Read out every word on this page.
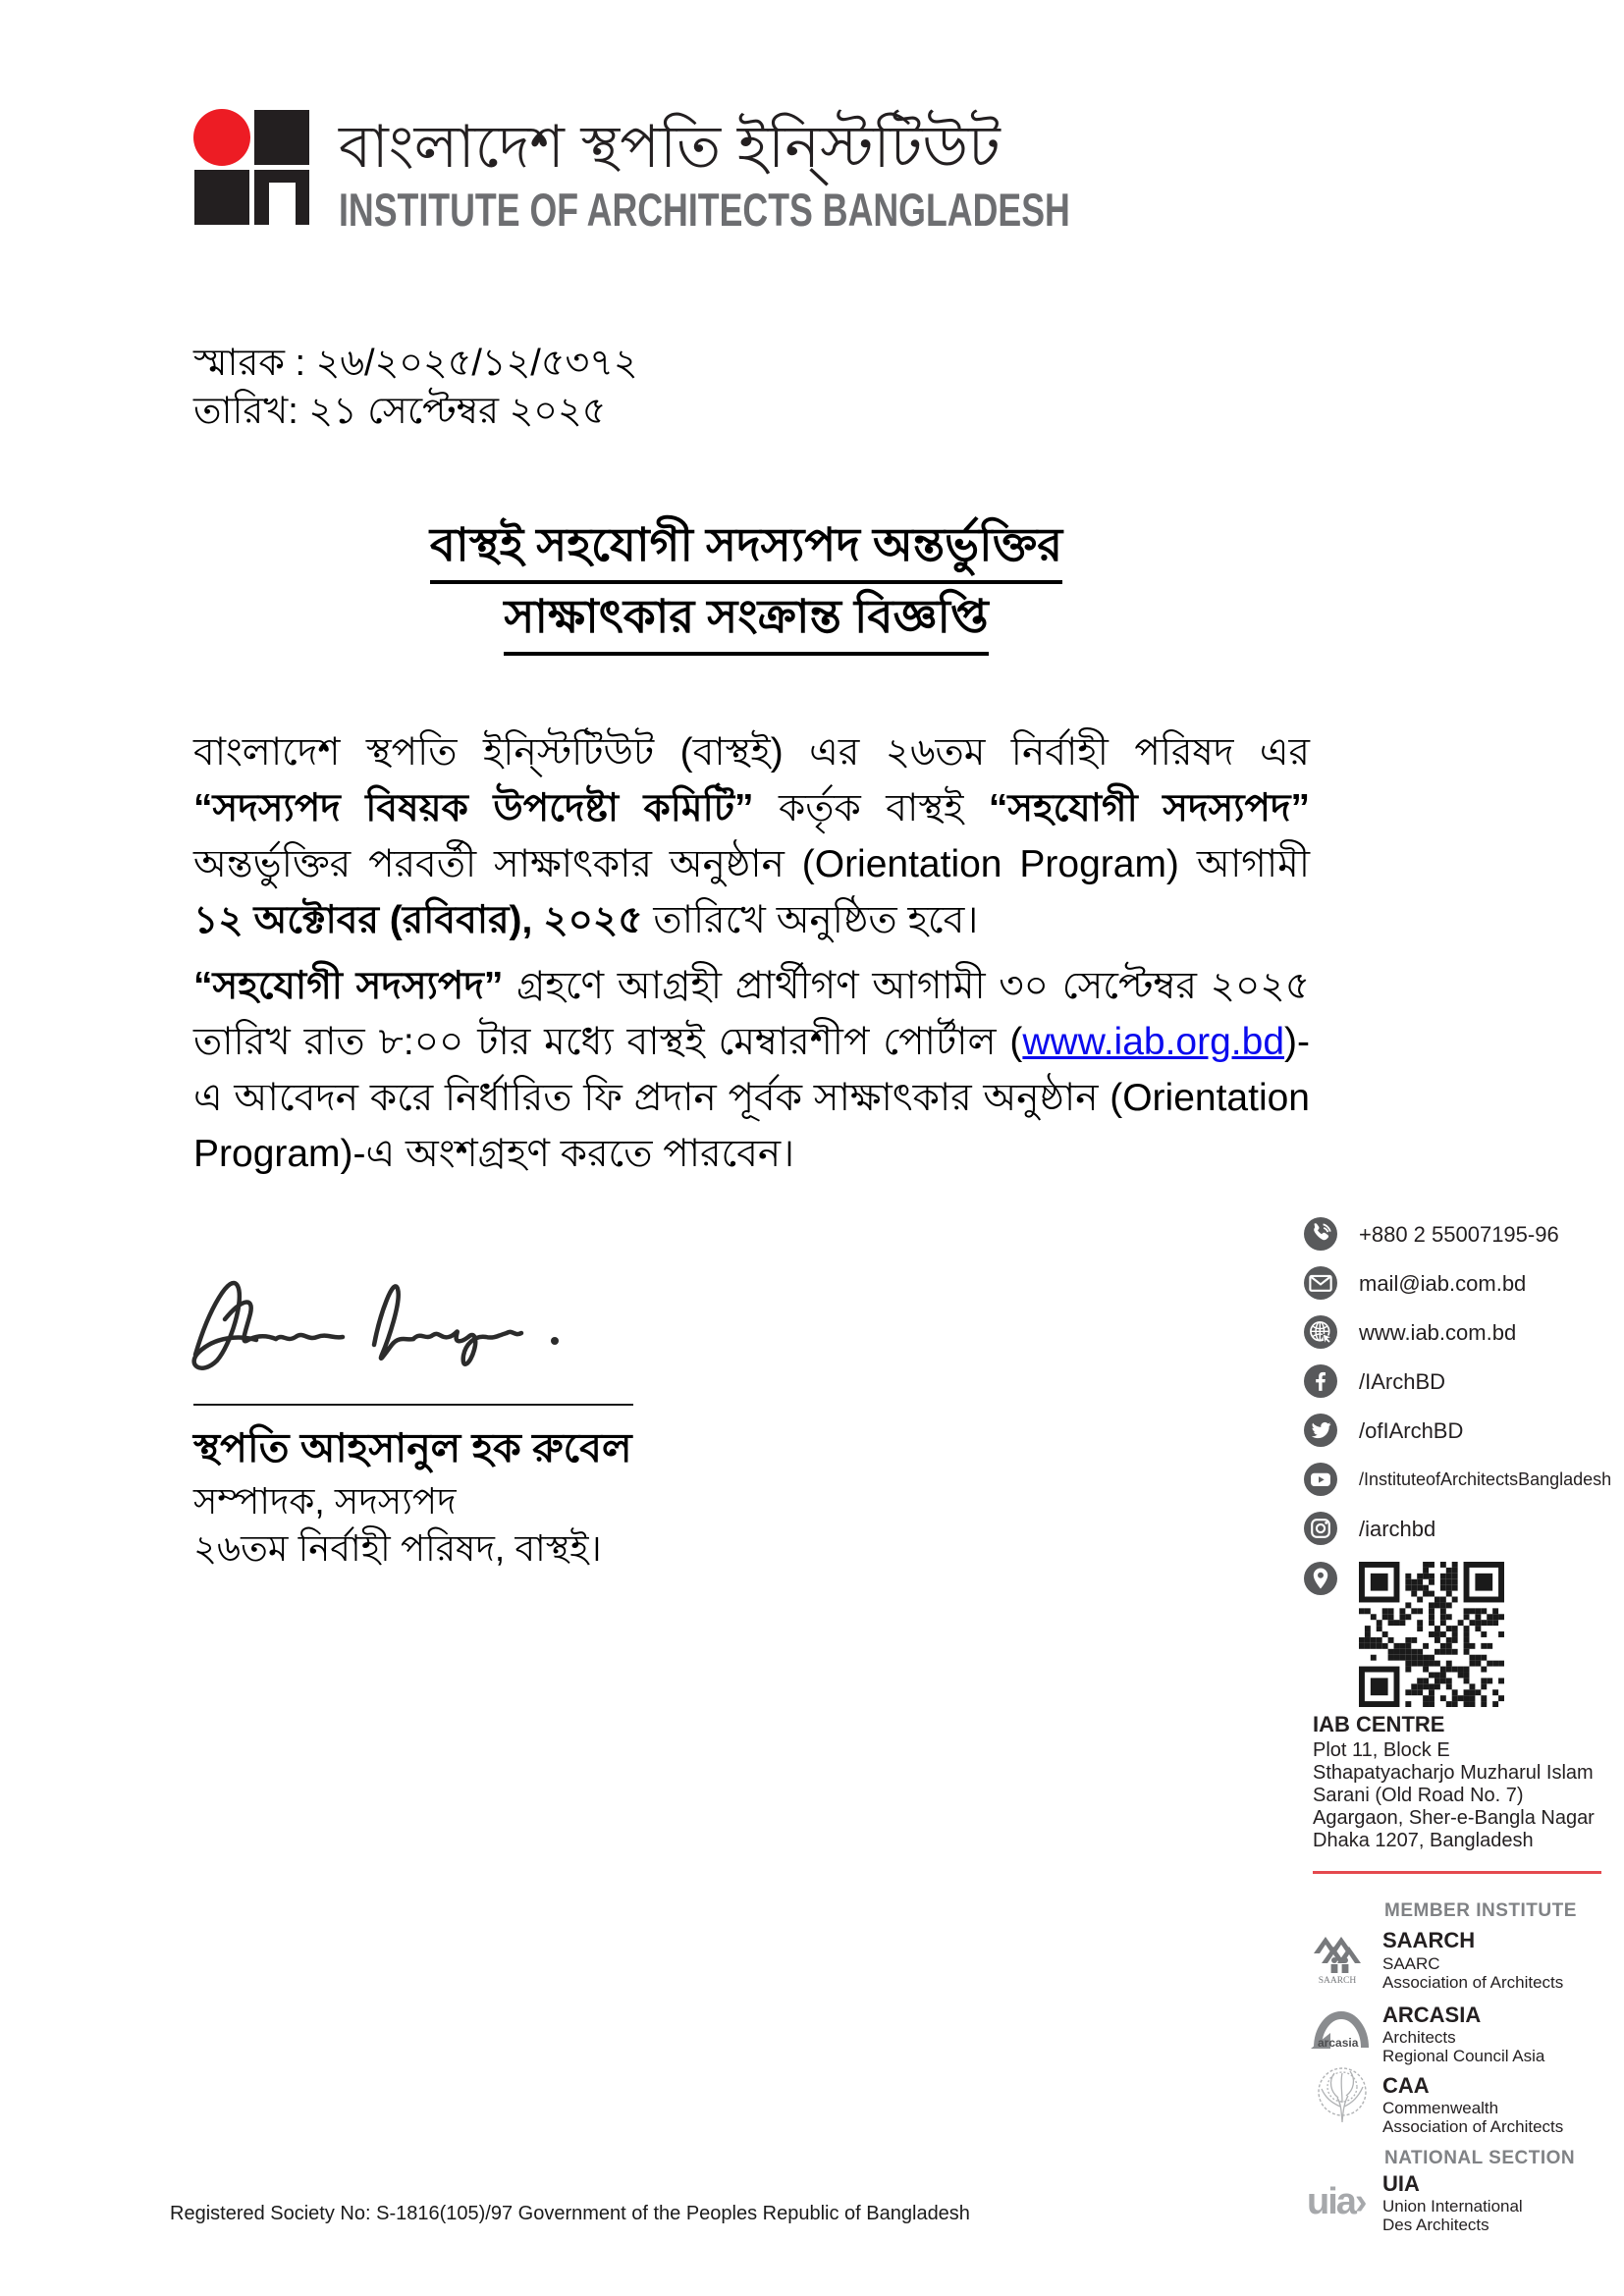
বাংলাদেশ স্থপতি ইন্স্টিটিউট
INSTITUTE OF ARCHITECTS BANGLADESH
স্মারক : ২৬/২০২৫/১২/৫৩৭২
তারিখ: ২১ সেপ্টেম্বর ২০২৫
বাস্থই সহযোগী সদস্যপদ অন্তর্ভুক্তির
সাক্ষাৎকার সংক্রান্ত বিজ্ঞপ্তি
বাংলাদেশ স্থপতি ইন্স্টিটিউট (বাস্থই) এর ২৬তম নির্বাহী পরিষদ এর “সদস্যপদ বিষয়ক উপদেষ্টা কমিটি” কর্তৃক বাস্থই “সহযোগী সদস্যপদ” অন্তর্ভুক্তির পরবর্তী সাক্ষাৎকার অনুষ্ঠান (Orientation Program) আগামী ১২ অক্টোবর (রবিবার), ২০২৫ তারিখে অনুষ্ঠিত হবে।
“সহযোগী সদস্যপদ” গ্রহণে আগ্রহী প্রার্থীগণ আগামী ৩০ সেপ্টেম্বর ২০২৫ তারিখ রাত ৮:০০ টার মধ্যে বাস্থই মেম্বারশীপ পোর্টাল (www.iab.org.bd)-এ আবেদন করে নির্ধারিত ফি প্রদান পূর্বক সাক্ষাৎকার অনুষ্ঠান (Orientation Program)-এ অংশগ্রহণ করতে পারবেন।
স্থপতি আহসানুল হক রুবেল
সম্পাদক, সদস্যপদ
২৬তম নির্বাহী পরিষদ, বাস্থই।
+880 2 55007195-96
mail@iab.com.bd
www.iab.com.bd
/IArchBD
/ofIArchBD
/InstituteofArchitectsBangladesh
/iarchbd
IAB CENTRE
Plot 11, Block E
Sthapatyacharjo Muzharul Islam
Sarani (Old Road No. 7)
Agargaon, Sher-e-Bangla Nagar
Dhaka 1207, Bangladesh
MEMBER INSTITUTE
SAARCH
SAARCH
SAARC
Association of Architects
arcasia
ARCASIA
Architects
Regional Council Asia
CAA
Commenwealth
Association of Architects
NATIONAL SECTION
uia› UIA
Union International
Des Architects
Registered Society No: S-1816(105)/97 Government of the Peoples Republic of Bangladesh
